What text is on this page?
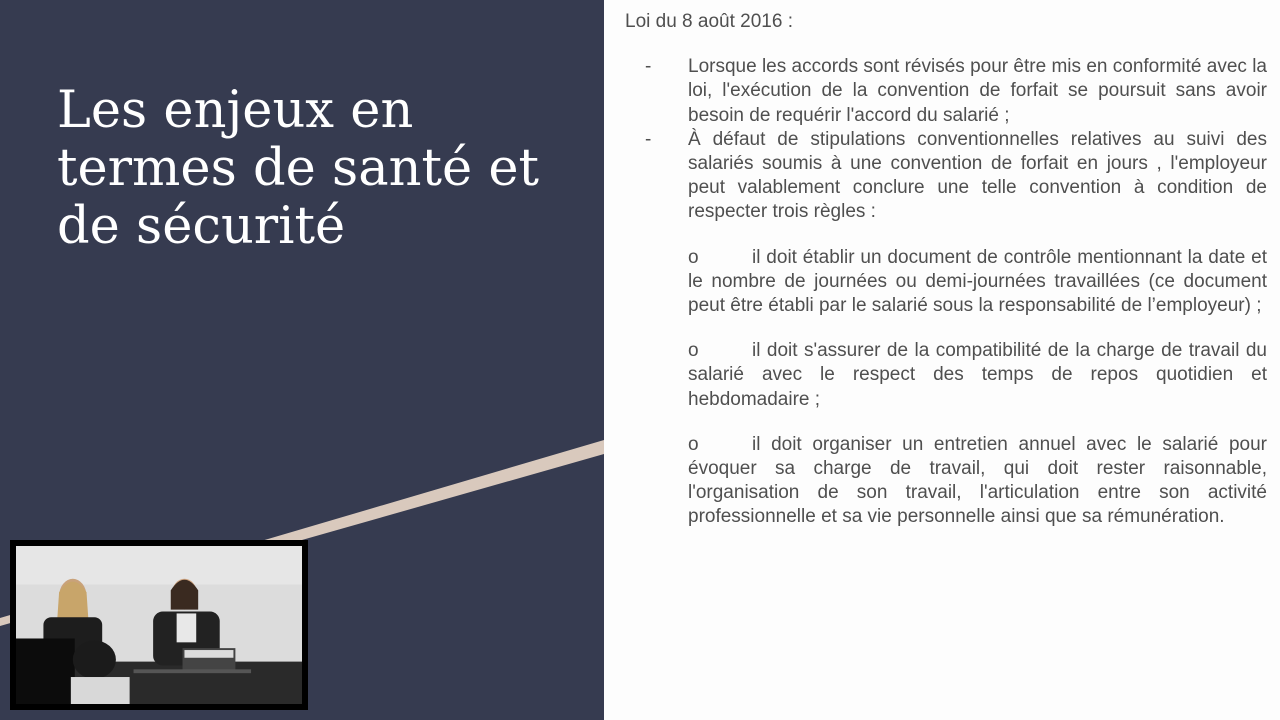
Les enjeux en termes de santé et de sécurité

Loi du 8 août 2016 :

- Lorsque les accords sont révisés pour être mis en conformité avec la loi, l'exécution de la convention de forfait se poursuit sans avoir besoin de requérir l'accord du salarié ;
- À défaut de stipulations conventionnelles relatives au suivi des salariés soumis à une convention de forfait en jours , l'employeur peut valablement conclure une telle convention à condition de respecter trois règles :
o	il doit établir un document de contrôle mentionnant la date et le nombre de journées ou demi-journées travaillées (ce document peut être établi par le salarié sous la responsabilité de l’employeur) ;
o	il doit s'assurer de la compatibilité de la charge de travail du salarié avec le respect des temps de repos quotidien et hebdomadaire ;
o	il doit organiser un entretien annuel avec le salarié pour évoquer sa charge de travail, qui doit rester raisonnable, l'organisation de son travail, l'articulation entre son activité professionnelle et sa vie personnelle ainsi que sa rémunération.
